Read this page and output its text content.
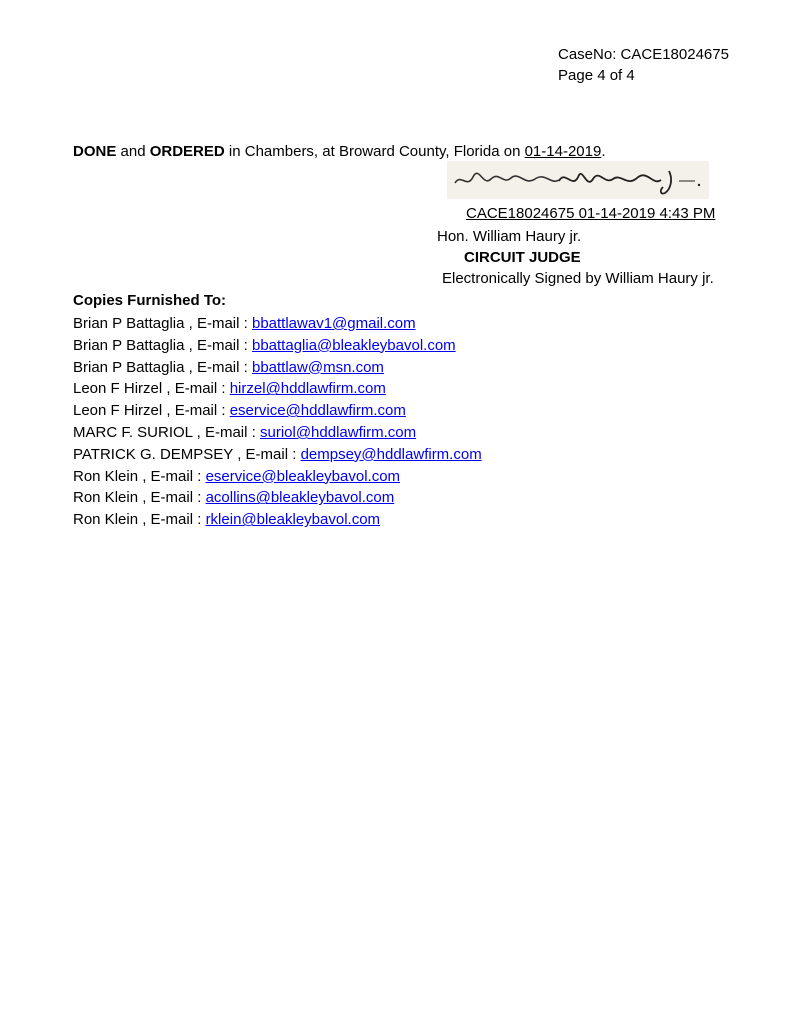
CaseNo: CACE18024675
Page 4 of 4
DONE and ORDERED in Chambers, at Broward County, Florida on 01-14-2019.
CACE18024675 01-14-2019 4:43 PM
Hon. William Haury jr.
CIRCUIT JUDGE
Electronically Signed by William Haury jr.
Copies Furnished To:
Brian P Battaglia , E-mail : bbattlawav1@gmail.com
Brian P Battaglia , E-mail : bbattaglia@bleakleybavol.com
Brian P Battaglia , E-mail : bbattlaw@msn.com
Leon F Hirzel , E-mail : hirzel@hddlawfirm.com
Leon F Hirzel , E-mail : eservice@hddlawfirm.com
MARC F. SURIOL , E-mail : suriol@hddlawfirm.com
PATRICK G. DEMPSEY , E-mail : dempsey@hddlawfirm.com
Ron Klein , E-mail : eservice@bleakleybavol.com
Ron Klein , E-mail : acollins@bleakleybavol.com
Ron Klein , E-mail : rklein@bleakleybavol.com
